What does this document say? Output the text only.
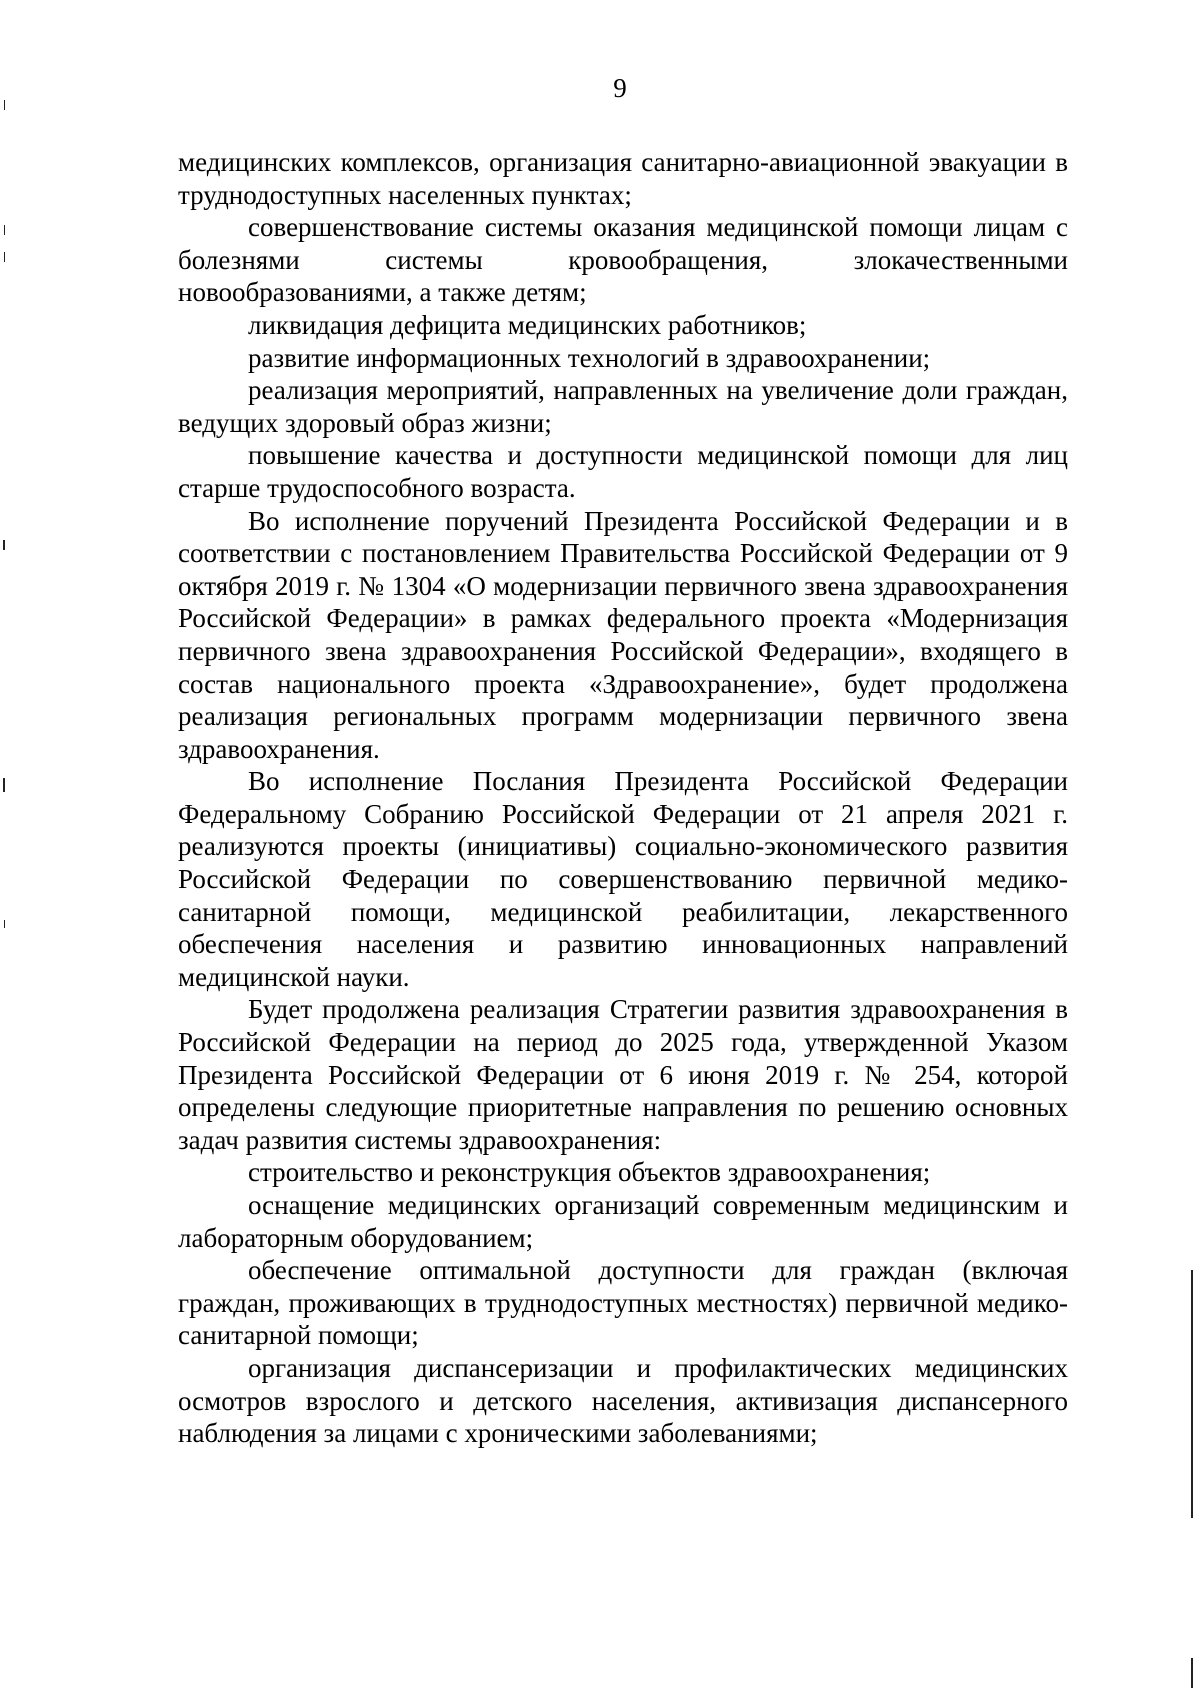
9

медицинских комплексов, организация санитарно-авиационной эвакуации в труднодоступных населенных пунктах;

совершенствование системы оказания медицинской помощи лицам с болезнями системы кровообращения, злокачественными новообразованиями, а также детям;

ликвидация дефицита медицинских работников;

развитие информационных технологий в здравоохранении;

реализация мероприятий, направленных на увеличение доли граждан, ведущих здоровый образ жизни;

повышение качества и доступности медицинской помощи для лиц старше трудоспособного возраста.

Во исполнение поручений Президента Российской Федерации и в соответствии с постановлением Правительства Российской Федерации от 9 октября 2019 г. № 1304 «О модернизации первичного звена здравоохранения Российской Федерации» в рамках федерального проекта «Модернизация первичного звена здравоохранения Российской Федерации», входящего в состав национального проекта «Здравоохранение», будет продолжена реализация региональных программ модернизации первичного звена здравоохранения.

Во исполнение Послания Президента Российской Федерации Федеральному Собранию Российской Федерации от 21 апреля 2021 г. реализуются проекты (инициативы) социально-экономического развития Российской Федерации по совершенствованию первичной медико-санитарной помощи, медицинской реабилитации, лекарственного обеспечения населения и развитию инновационных направлений медицинской науки.

Будет продолжена реализация Стратегии развития здравоохранения в Российской Федерации на период до 2025 года, утвержденной Указом Президента Российской Федерации от 6 июня 2019 г. № 254, которой определены следующие приоритетные направления по решению основных задач развития системы здравоохранения:

строительство и реконструкция объектов здравоохранения;

оснащение медицинских организаций современным медицинским и лабораторным оборудованием;

обеспечение оптимальной доступности для граждан (включая граждан, проживающих в труднодоступных местностях) первичной медико-санитарной помощи;

организация диспансеризации и профилактических медицинских осмотров взрослого и детского населения, активизация диспансерного наблюдения за лицами с хроническими заболеваниями;
